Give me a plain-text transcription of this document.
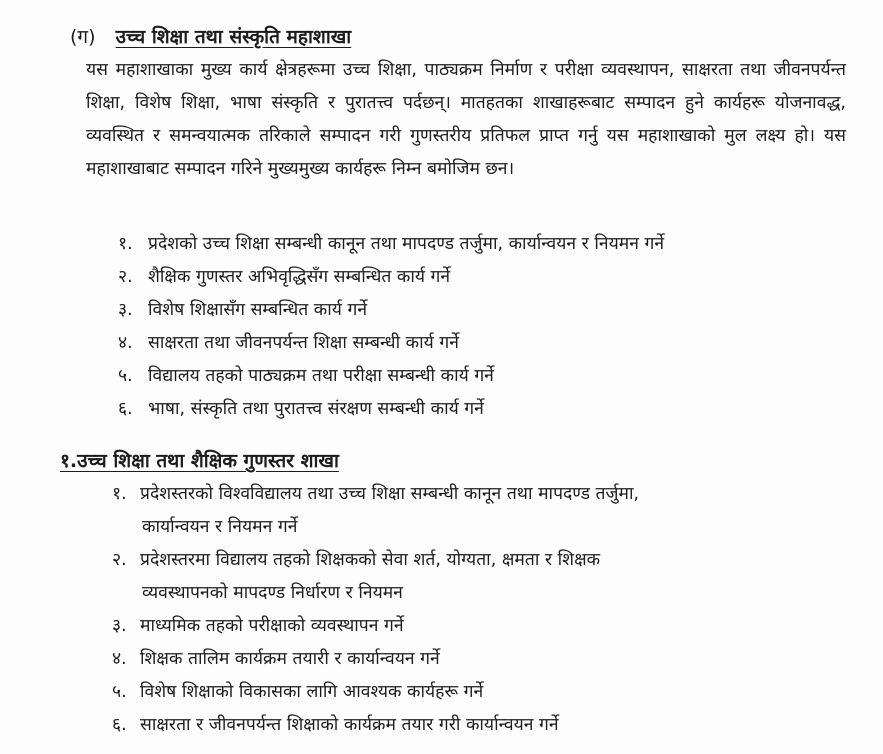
(ग) उच्च शिक्षा तथा संस्कृति महाशाखा
यस महाशाखाका मुख्य कार्य क्षेत्रहरूमा उच्च शिक्षा, पाठ्यक्रम निर्माण र परीक्षा व्यवस्थापन, साक्षरता तथा जीवनपर्यन्त शिक्षा, विशेष शिक्षा, भाषा संस्कृति र पुरातत्त्व पर्दछन्। मातहतका शाखाहरूबाट सम्पादन हुने कार्यहरू योजनावद्ध, व्यवस्थित र समन्वयात्मक तरिकाले सम्पादन गरी गुणस्तरीय प्रतिफल प्राप्त गर्नु यस महाशाखाको मुल लक्ष्य हो। यस महाशाखाबाट सम्पादन गरिने मुख्यमुख्य कार्यहरू निम्न बमोजिम छन।
१. प्रदेशको उच्च शिक्षा सम्बन्धी कानून तथा मापदण्ड तर्जुमा, कार्यान्वयन र नियमन गर्ने
२. शैक्षिक गुणस्तर अभिवृद्धिसँग सम्बन्धित कार्य गर्ने
३. विशेष शिक्षासँग सम्बन्धित कार्य गर्ने
४. साक्षरता तथा जीवनपर्यन्त शिक्षा सम्बन्धी कार्य गर्ने
५. विद्यालय तहको पाठ्यक्रम तथा परीक्षा सम्बन्धी कार्य गर्ने
६. भाषा, संस्कृति तथा पुरातत्त्व संरक्षण सम्बन्धी कार्य गर्ने
१.उच्च शिक्षा तथा शैक्षिक गुणस्तर शाखा
१. प्रदेशस्तरको विश्वविद्यालय तथा उच्च शिक्षा सम्बन्धी कानून तथा मापदण्ड तर्जुमा,
कार्यान्वयन र नियमन गर्ने
२. प्रदेशस्तरमा विद्यालय तहको शिक्षकको सेवा शर्त, योग्यता, क्षमता र शिक्षक
व्यवस्थापनको मापदण्ड निर्धारण र नियमन
३. माध्यमिक तहको परीक्षाको व्यवस्थापन गर्ने
४. शिक्षक तालिम कार्यक्रम तयारी र कार्यान्वयन गर्ने
५. विशेष शिक्षाको विकासका लागि आवश्यक कार्यहरू गर्ने
६. साक्षरता र जीवनपर्यन्त शिक्षाको कार्यक्रम तयार गरी कार्यान्वयन गर्ने
